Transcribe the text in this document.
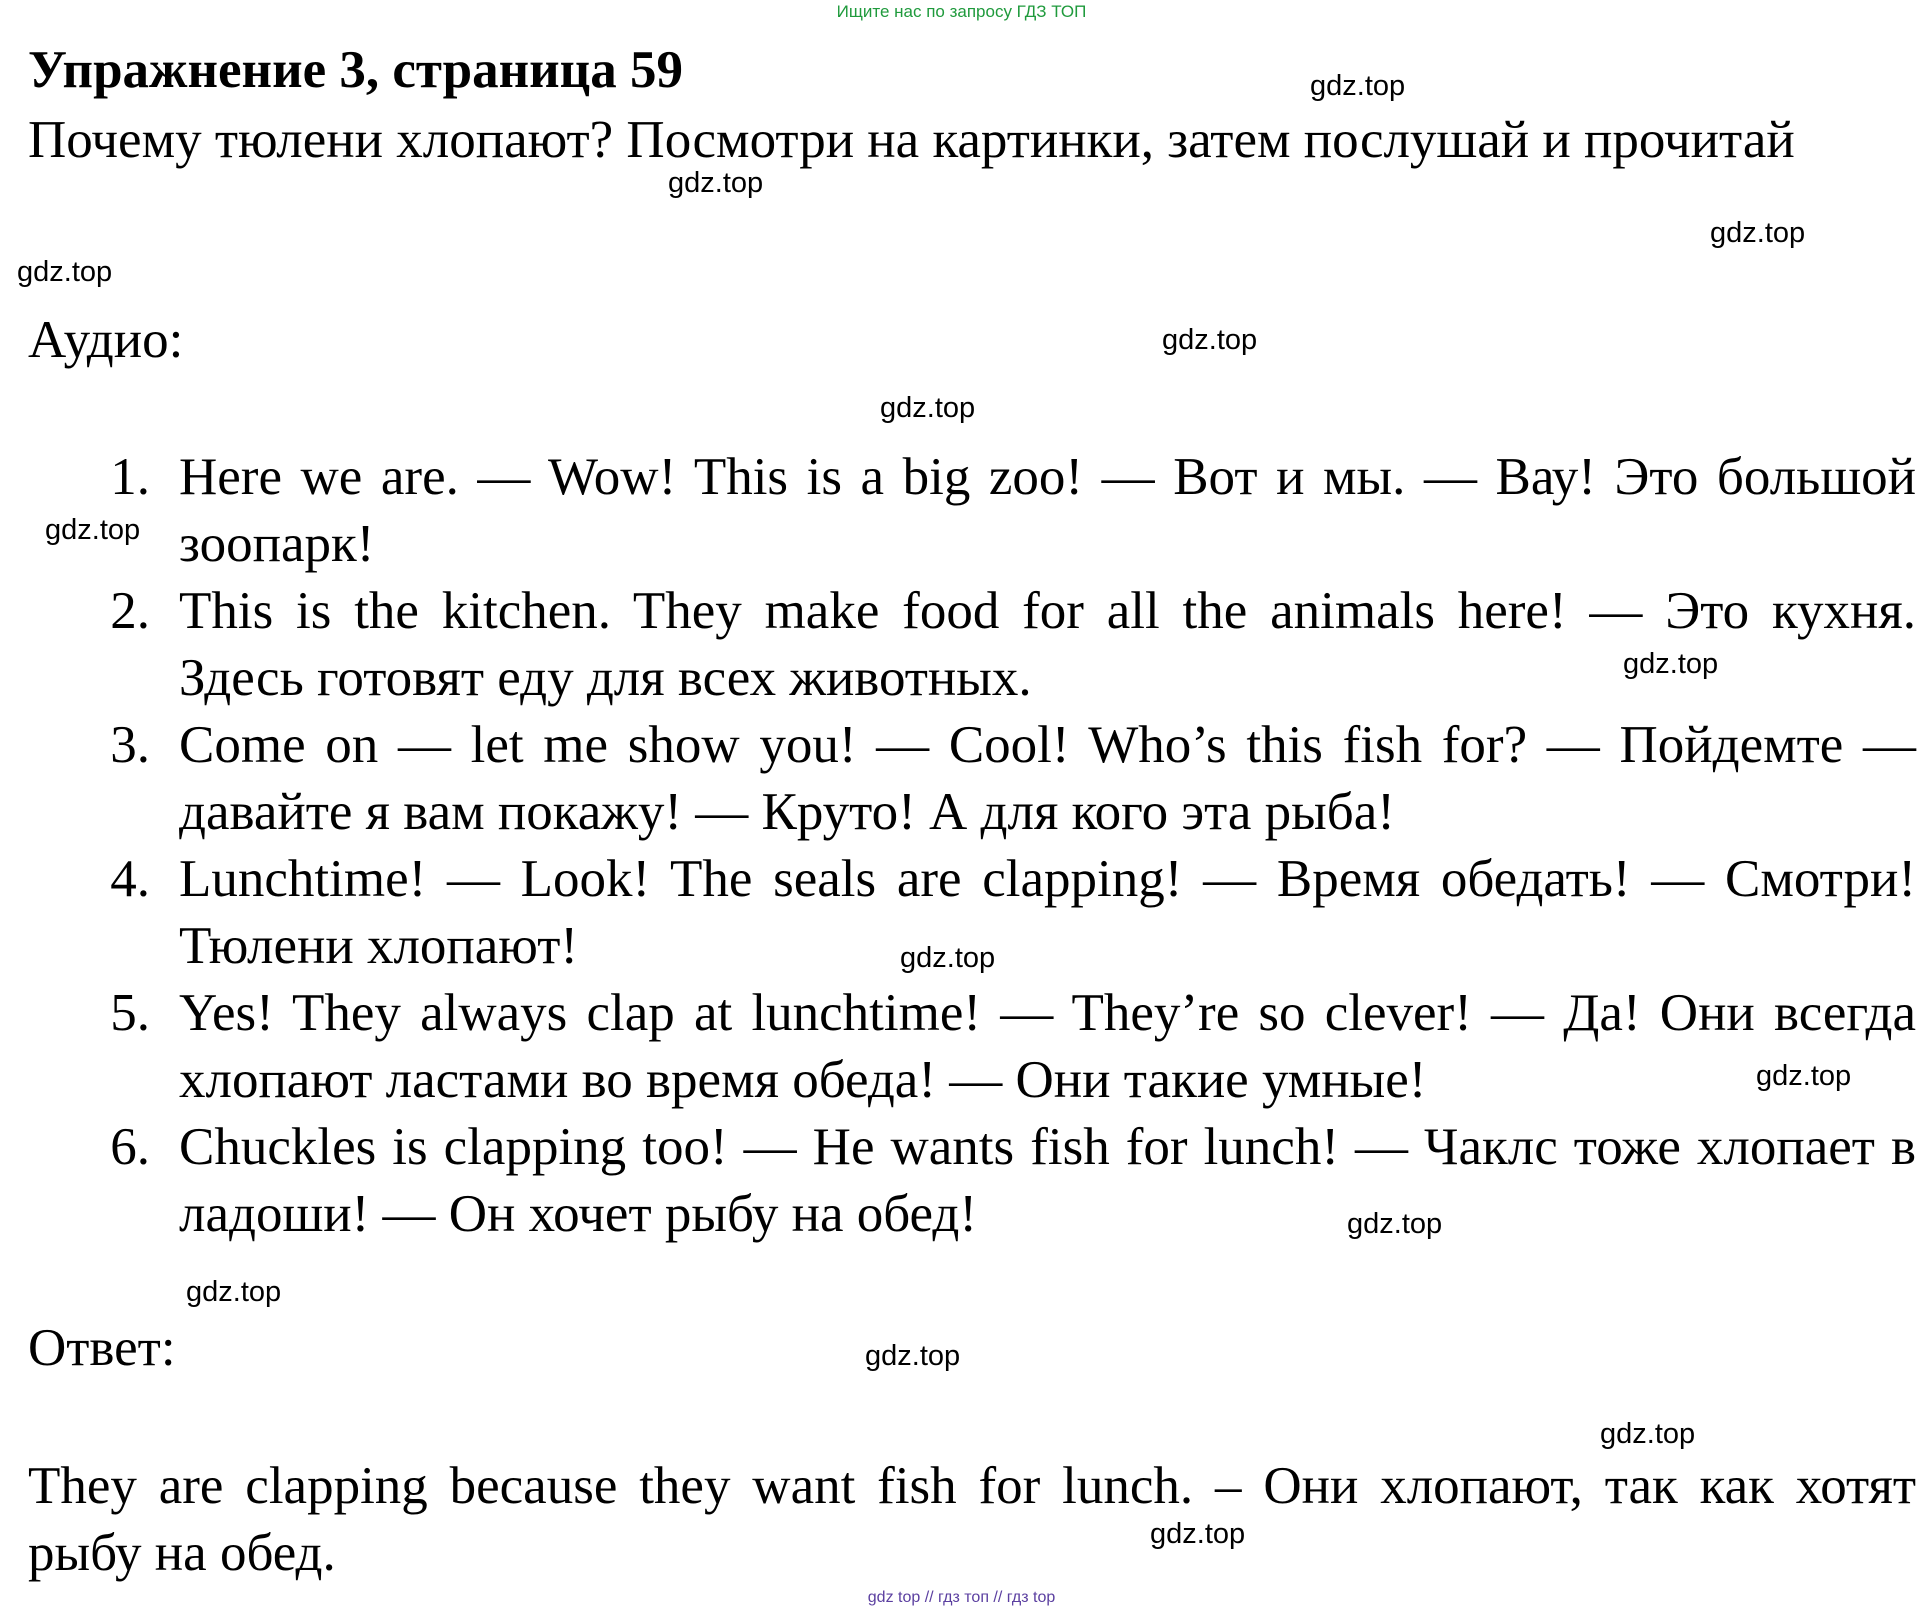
Ищите нас по запросу ГДЗ ТОП
Упражнение 3, страница 59
Почему тюлени хлопают? Посмотри на картинки, затем послушай и прочитай
Аудио:
1. Here we are. — Wow! This is a big zoo! — Вот и мы. — Вау! Это большой зоопарк!
2. This is the kitchen. They make food for all the animals here! — Это кухня. Здесь готовят еду для всех животных.
3. Come on — let me show you! — Cool! Who’s this fish for? — Пойдемте — давайте я вам покажу! — Круто! А для кого эта рыба!
4. Lunchtime! — Look! The seals are clapping! — Время обедать! — Смотри! Тюлени хлопают!
5. Yes! They always clap at lunchtime! — They’re so clever! — Да! Они всегда хлопают ластами во время обеда! — Они такие умные!
6. Chuckles is clapping too! — He wants fish for lunch! — Чаклс тоже хлопает в ладоши! — Он хочет рыбу на обед!
Ответ:
They are clapping because they want fish for lunch. – Они хлопают, так как хотят рыбу на обед.
gdz.top
gdz.top
gdz.top
gdz.top
gdz.top
gdz.top
gdz.top
gdz.top
gdz.top
gdz.top
gdz.top
gdz.top
gdz.top
gdz.top
gdz.top
gdz top // гдз топ // гдз top
